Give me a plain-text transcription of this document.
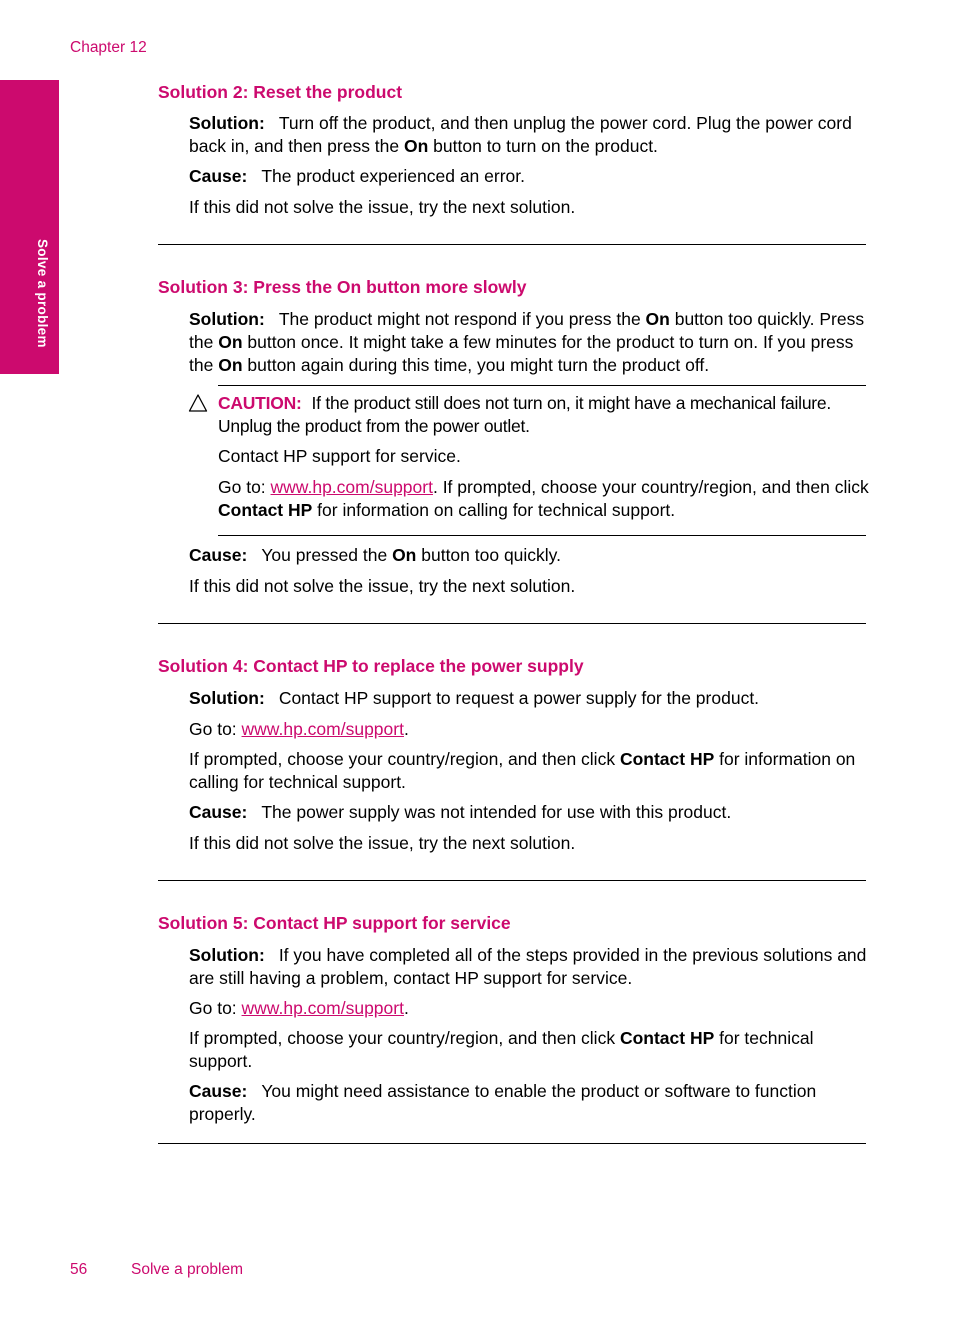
Chapter 12
Solve a problem
Solution 2: Reset the product
Solution: Turn off the product, and then unplug the power cord. Plug the power cord back in, and then press the On button to turn on the product.
Cause: The product experienced an error.
If this did not solve the issue, try the next solution.
Solution 3: Press the On button more slowly
Solution: The product might not respond if you press the On button too quickly. Press the On button once. It might take a few minutes for the product to turn on. If you press the On button again during this time, you might turn the product off.
CAUTION: If the product still does not turn on, it might have a mechanical failure. Unplug the product from the power outlet.
Contact HP support for service.
Go to: www.hp.com/support. If prompted, choose your country/region, and then click Contact HP for information on calling for technical support.
Cause: You pressed the On button too quickly.
If this did not solve the issue, try the next solution.
Solution 4: Contact HP to replace the power supply
Solution: Contact HP support to request a power supply for the product.
Go to: www.hp.com/support.
If prompted, choose your country/region, and then click Contact HP for information on calling for technical support.
Cause: The power supply was not intended for use with this product.
If this did not solve the issue, try the next solution.
Solution 5: Contact HP support for service
Solution: If you have completed all of the steps provided in the previous solutions and are still having a problem, contact HP support for service.
Go to: www.hp.com/support.
If prompted, choose your country/region, and then click Contact HP for technical support.
Cause: You might need assistance to enable the product or software to function properly.
56	Solve a problem
